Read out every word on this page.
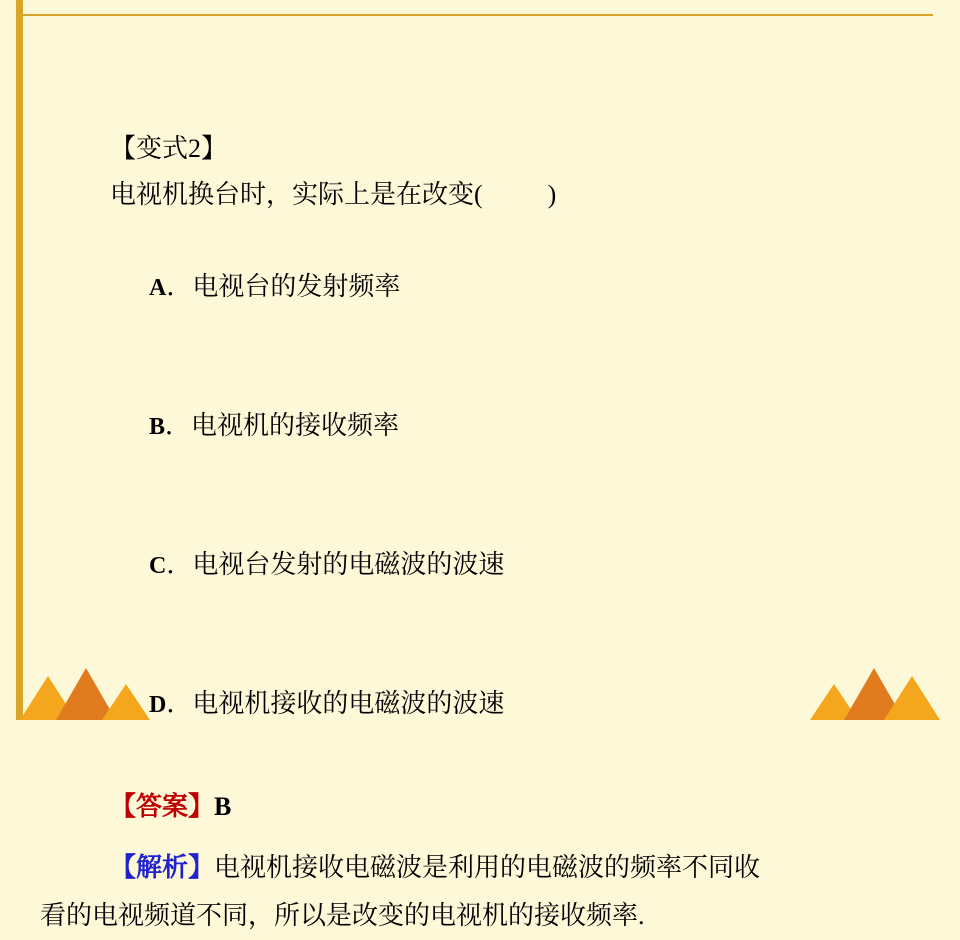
【变式2】
电视机换台时，实际上是在改变(          )

A．电视台的发射频率

B．电视机的接收频率

C．电视台发射的电磁波的波速

D．电视机接收的电磁波的波速

【答案】B
【解析】电视机接收电磁波是利用的电磁波的频率不同收
看的电视频道不同，所以是改变的电视机的接收频率.
